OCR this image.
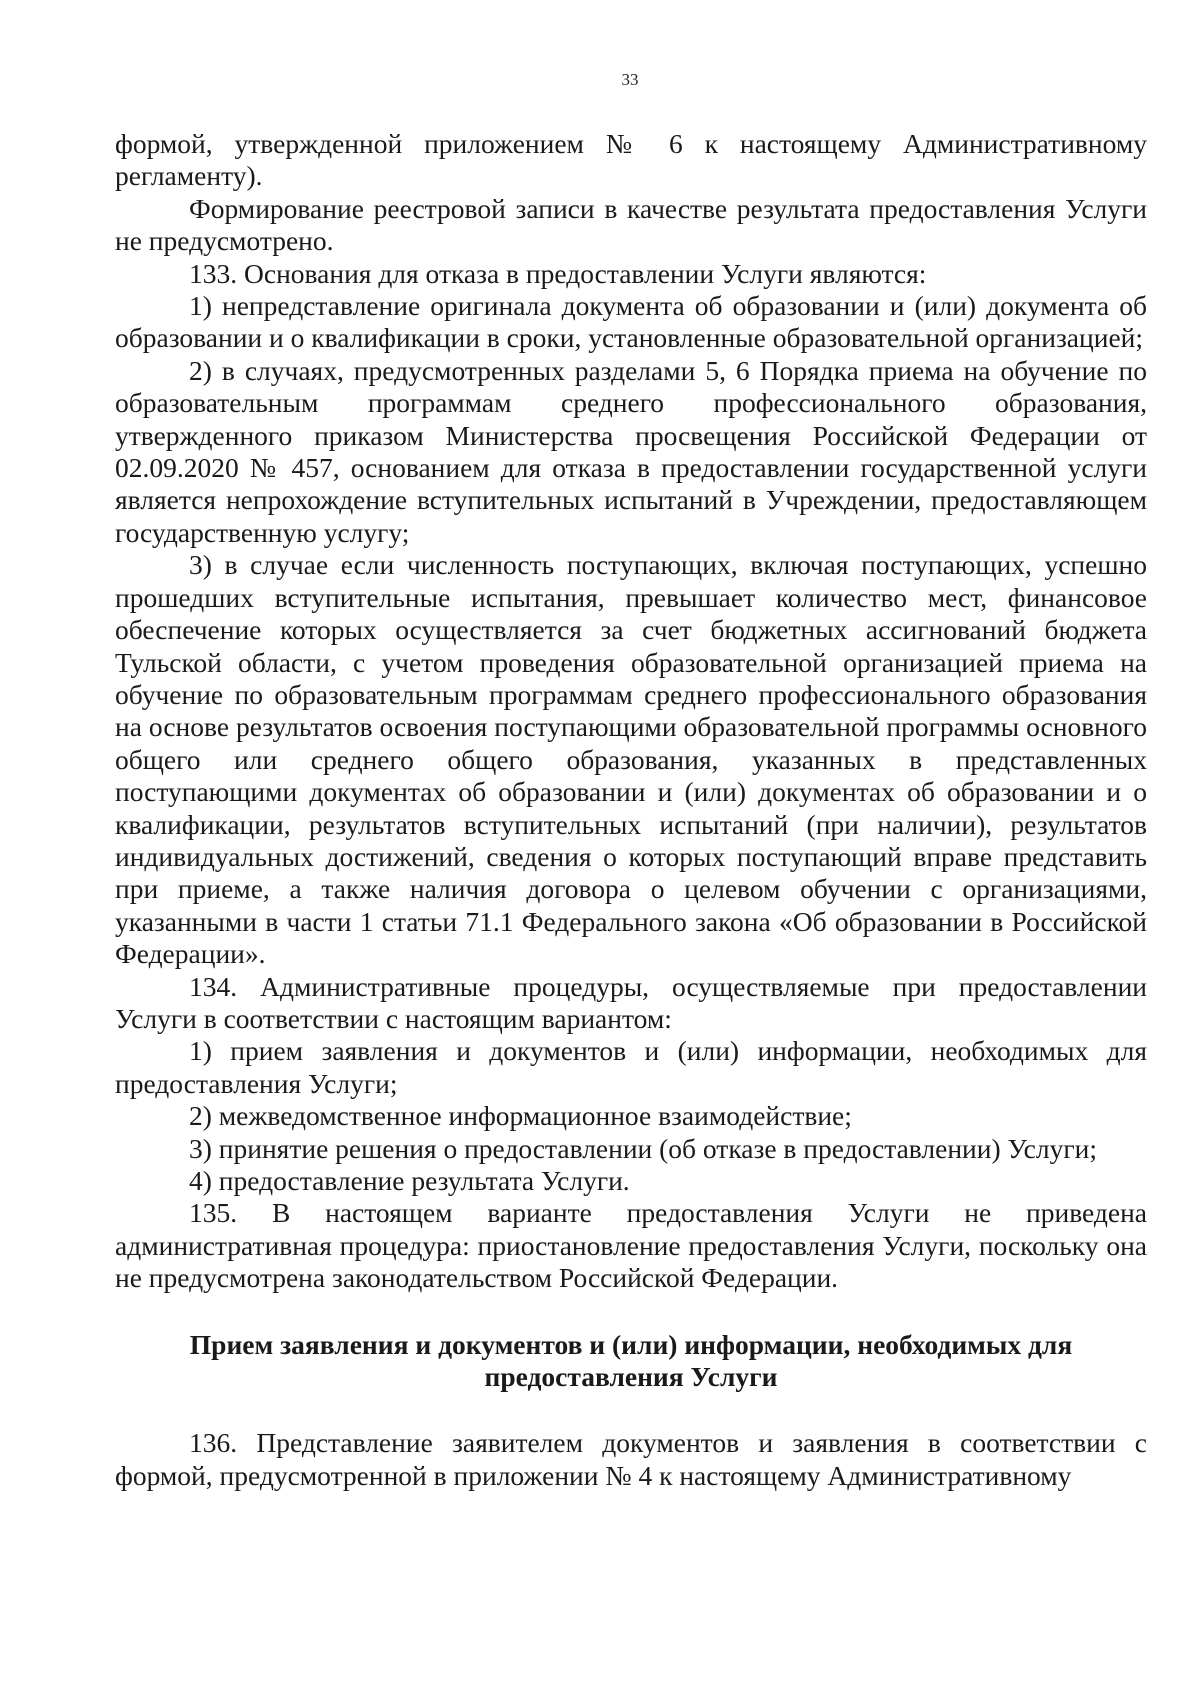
33

формой, утвержденной приложением № 6 к настоящему Административному регламенту).

Формирование реестровой записи в качестве результата предоставления Услуги не предусмотрено.

133. Основания для отказа в предоставлении Услуги являются:

1) непредставление оригинала документа об образовании и (или) документа об образовании и о квалификации в сроки, установленные образовательной организацией;

2) в случаях, предусмотренных разделами 5, 6 Порядка приема на обучение по образовательным программам среднего профессионального образования, утвержденного приказом Министерства просвещения Российской Федерации от 02.09.2020 № 457, основанием для отказа в предоставлении государственной услуги является непрохождение вступительных испытаний в Учреждении, предоставляющем государственную услугу;

3) в случае если численность поступающих, включая поступающих, успешно прошедших вступительные испытания, превышает количество мест, финансовое обеспечение которых осуществляется за счет бюджетных ассигнований бюджета Тульской области, с учетом проведения образовательной организацией приема на обучение по образовательным программам среднего профессионального образования на основе результатов освоения поступающими образовательной программы основного общего или среднего общего образования, указанных в представленных поступающими документах об образовании и (или) документах об образовании и о квалификации, результатов вступительных испытаний (при наличии), результатов индивидуальных достижений, сведения о которых поступающий вправе представить при приеме, а также наличия договора о целевом обучении с организациями, указанными в части 1 статьи 71.1 Федерального закона «Об образовании в Российской Федерации».

134. Административные процедуры, осуществляемые при предоставлении Услуги в соответствии с настоящим вариантом:

1) прием заявления и документов и (или) информации, необходимых для предоставления Услуги;

2) межведомственное информационное взаимодействие;

3) принятие решения о предоставлении (об отказе в предоставлении) Услуги;

4) предоставление результата Услуги.

135. В настоящем варианте предоставления Услуги не приведена административная процедура: приостановление предоставления Услуги, поскольку она не предусмотрена законодательством Российской Федерации.

Прием заявления и документов и (или) информации, необходимых для предоставления Услуги

136. Представление заявителем документов и заявления в соответствии с формой, предусмотренной в приложении № 4 к настоящему Административному
